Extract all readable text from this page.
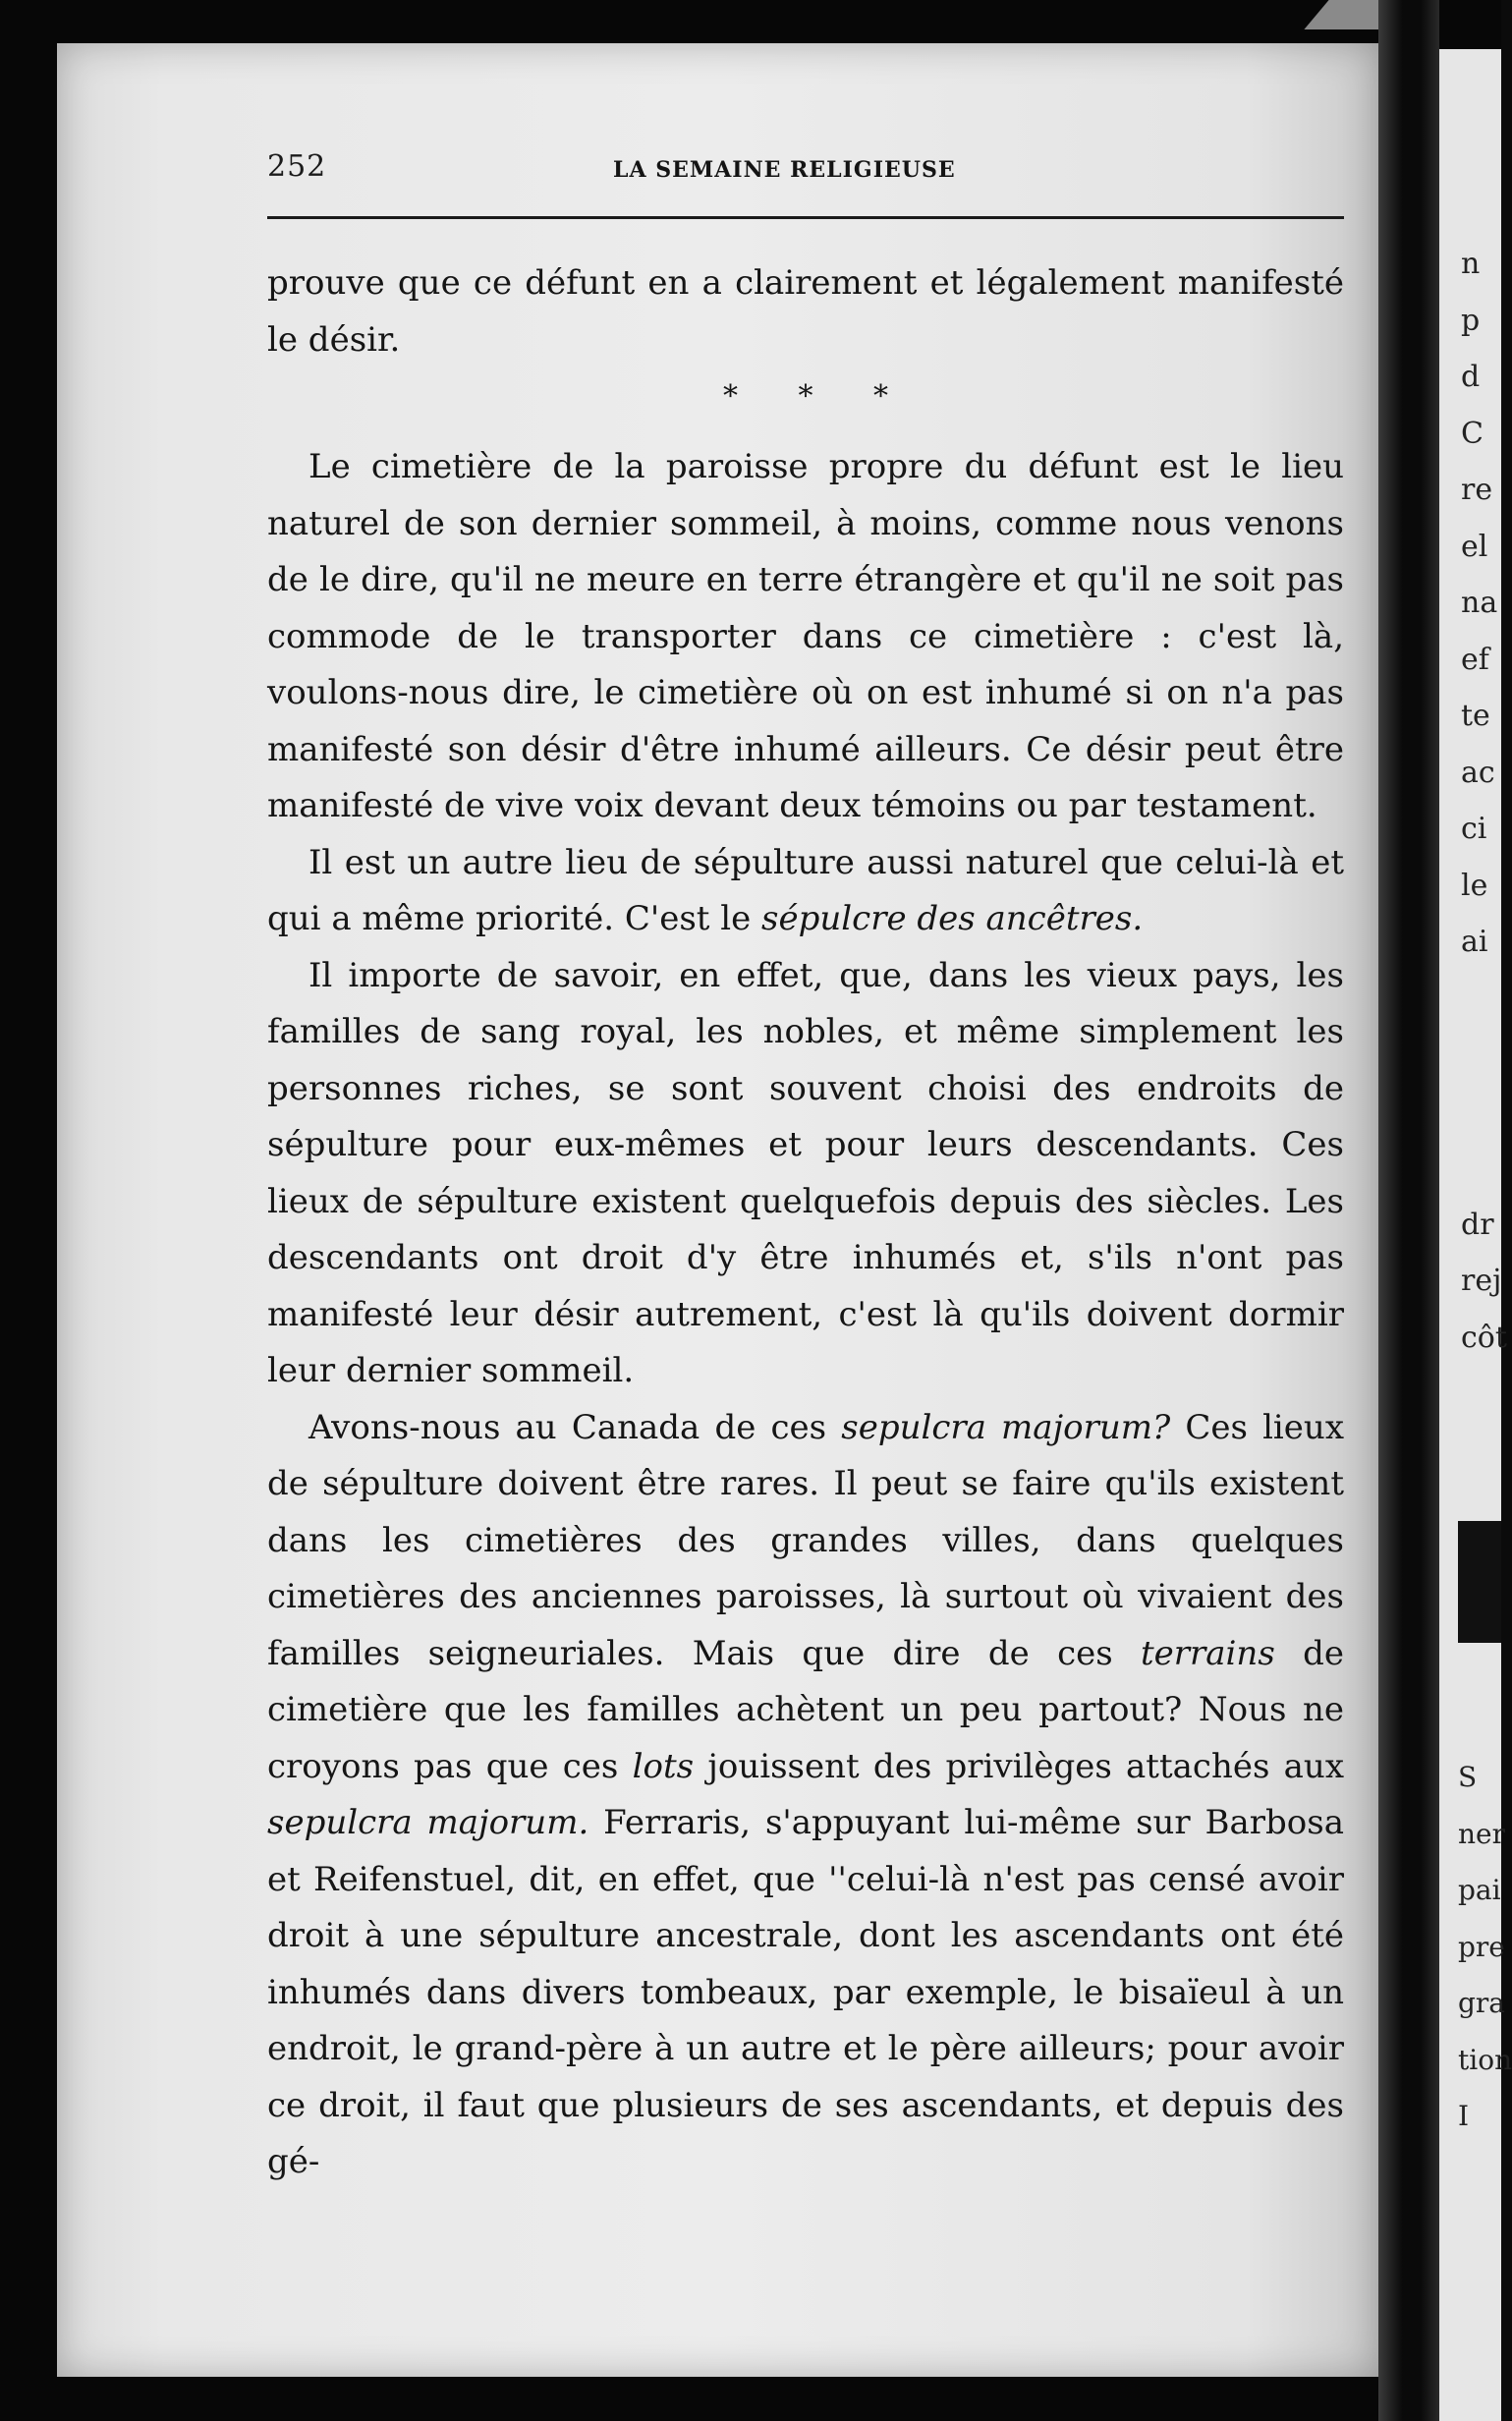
252	LA SEMAINE RELIGIEUSE

prouve que ce défunt en a clairement et légalement manifesté le désir.

* * *

Le cimetière de la paroisse propre du défunt est le lieu naturel de son dernier sommeil, à moins, comme nous venons de le dire, qu'il ne meure en terre étrangère et qu'il ne soit pas commode de le transporter dans ce cimetière : c'est là, voulons-nous dire, le cimetière où on est inhumé si on n'a pas manifesté son désir d'être inhumé ailleurs. Ce désir peut être manifesté de vive voix devant deux témoins ou par testament.

Il est un autre lieu de sépulture aussi naturel que celui-là et qui a même priorité. C'est le sépulcre des ancêtres.

Il importe de savoir, en effet, que, dans les vieux pays, les familles de sang royal, les nobles, et même simplement les personnes riches, se sont souvent choisi des endroits de sépulture pour eux-mêmes et pour leurs descendants. Ces lieux de sépulture existent quelquefois depuis des siècles. Les descendants ont droit d'y être inhumés et, s'ils n'ont pas manifesté leur désir autrement, c'est là qu'ils doivent dormir leur dernier sommeil.

Avons-nous au Canada de ces sepulcra majorum? Ces lieux de sépulture doivent être rares. Il peut se faire qu'ils existent dans les cimetières des grandes villes, dans quelques cimetières des anciennes paroisses, là surtout où vivaient des familles seigneuriales. Mais que dire de ces terrains de cimetière que les familles achètent un peu partout? Nous ne croyons pas que ces lots jouissent des privilèges attachés aux sepulcra majorum. Ferraris, s'appuyant lui-même sur Barbosa et Reifenstuel, dit, en effet, que ''celui-là n'est pas censé avoir droit à une sépulture ancestrale, dont les ascendants ont été inhumés dans divers tombeaux, par exemple, le bisaïeul à un endroit, le grand-père à un autre et le père ailleurs; pour avoir ce droit, il faut que plusieurs de ses ascendants, et depuis des gé-

n
p
d
C
re
el
na
ef
te
ac
ci
le
ai
dr
rej
côt
S
ner
pai
pre
gra
tion
I
